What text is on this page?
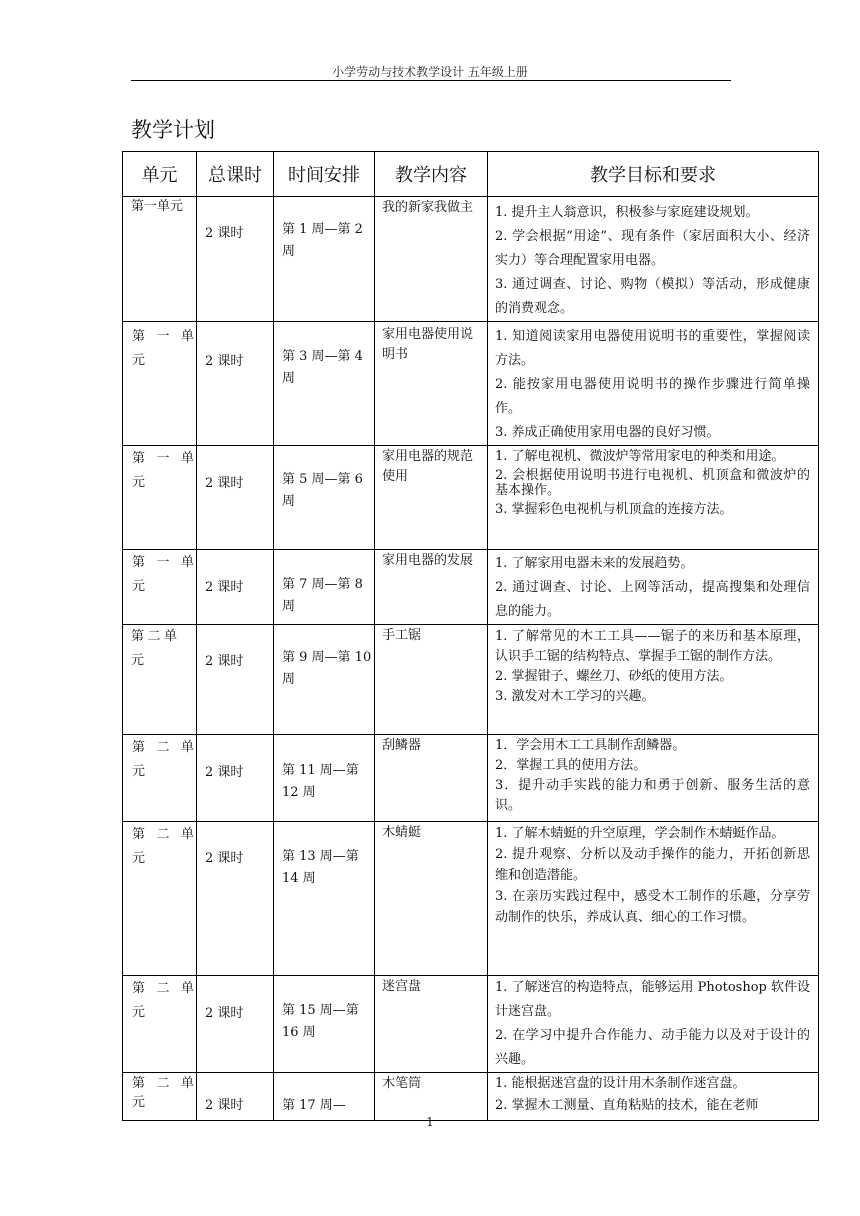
小学劳动与技术教学设计 五年级上册
教学计划
单元	总课时	时间安排	教学内容	教学目标和要求

第一单元	2 课时	第 1 周—第 2 周	我的新家我做主	1. 提升主人翁意识，积极参与家庭建设规划。
2. 学会根据“用途”、现有条件（家居面积大小、经济实力）等合理配置家用电器。
3. 通过调查、讨论、购物（模拟）等活动，形成健康的消费观念。

第 一 单 元	2 课时	第 3 周—第 4 周	家用电器使用说明书	1. 知道阅读家用电器使用说明书的重要性，掌握阅读方法。
2. 能按家用电器使用说明书的操作步骤进行简单操作。
3. 养成正确使用家用电器的良好习惯。

第 一 单 元	2 课时	第 5 周—第 6 周	家用电器的规范使用	1. 了解电视机、微波炉等常用家电的种类和用途。
2. 会根据使用说明书进行电视机、机顶盒和微波炉的基本操作。
3. 掌握彩色电视机与机顶盒的连接方法。

第 一 单 元	2 课时	第 7 周—第 8 周	家用电器的发展	1. 了解家用电器未来的发展趋势。
2. 通过调查、讨论、上网等活动，提高搜集和处理信息的能力。

第二单元	2 课时	第 9 周—第 10 周	手工锯	1. 了解常见的木工工具——锯子的来历和基本原理，认识手工锯的结构特点、掌握手工锯的制作方法。
2. 掌握钳子、螺丝刀、砂纸的使用方法。
3. 激发对木工学习的兴趣。

第 二 单 元	2 课时	第 11 周—第 12 周	刮鳞器	1．学会用木工工具制作刮鳞器。
2．掌握工具的使用方法。
3．提升动手实践的能力和勇于创新、服务生活的意识。

第 二 单 元	2 课时	第 13 周—第 14 周	木蜻蜓	1. 了解木蜻蜓的升空原理，学会制作木蜻蜓作品。
2. 提升观察、分析以及动手操作的能力，开拓创新思维和创造潜能。
3. 在亲历实践过程中，感受木工制作的乐趣，分享劳动制作的快乐，养成认真、细心的工作习惯。

第 二 单 元	2 课时	第 15 周—第 16 周	迷宫盘	1. 了解迷宫的构造特点，能够运用 Photoshop 软件设计迷宫盘。
2. 在学习中提升合作能力、动手能力以及对于设计的兴趣。

第 二 单 元	2 课时	第 17 周—	木笔筒	1. 能根据迷宫盘的设计用木条制作迷宫盘。
2. 掌握木工测量、直角粘贴的技术，能在老师
1
